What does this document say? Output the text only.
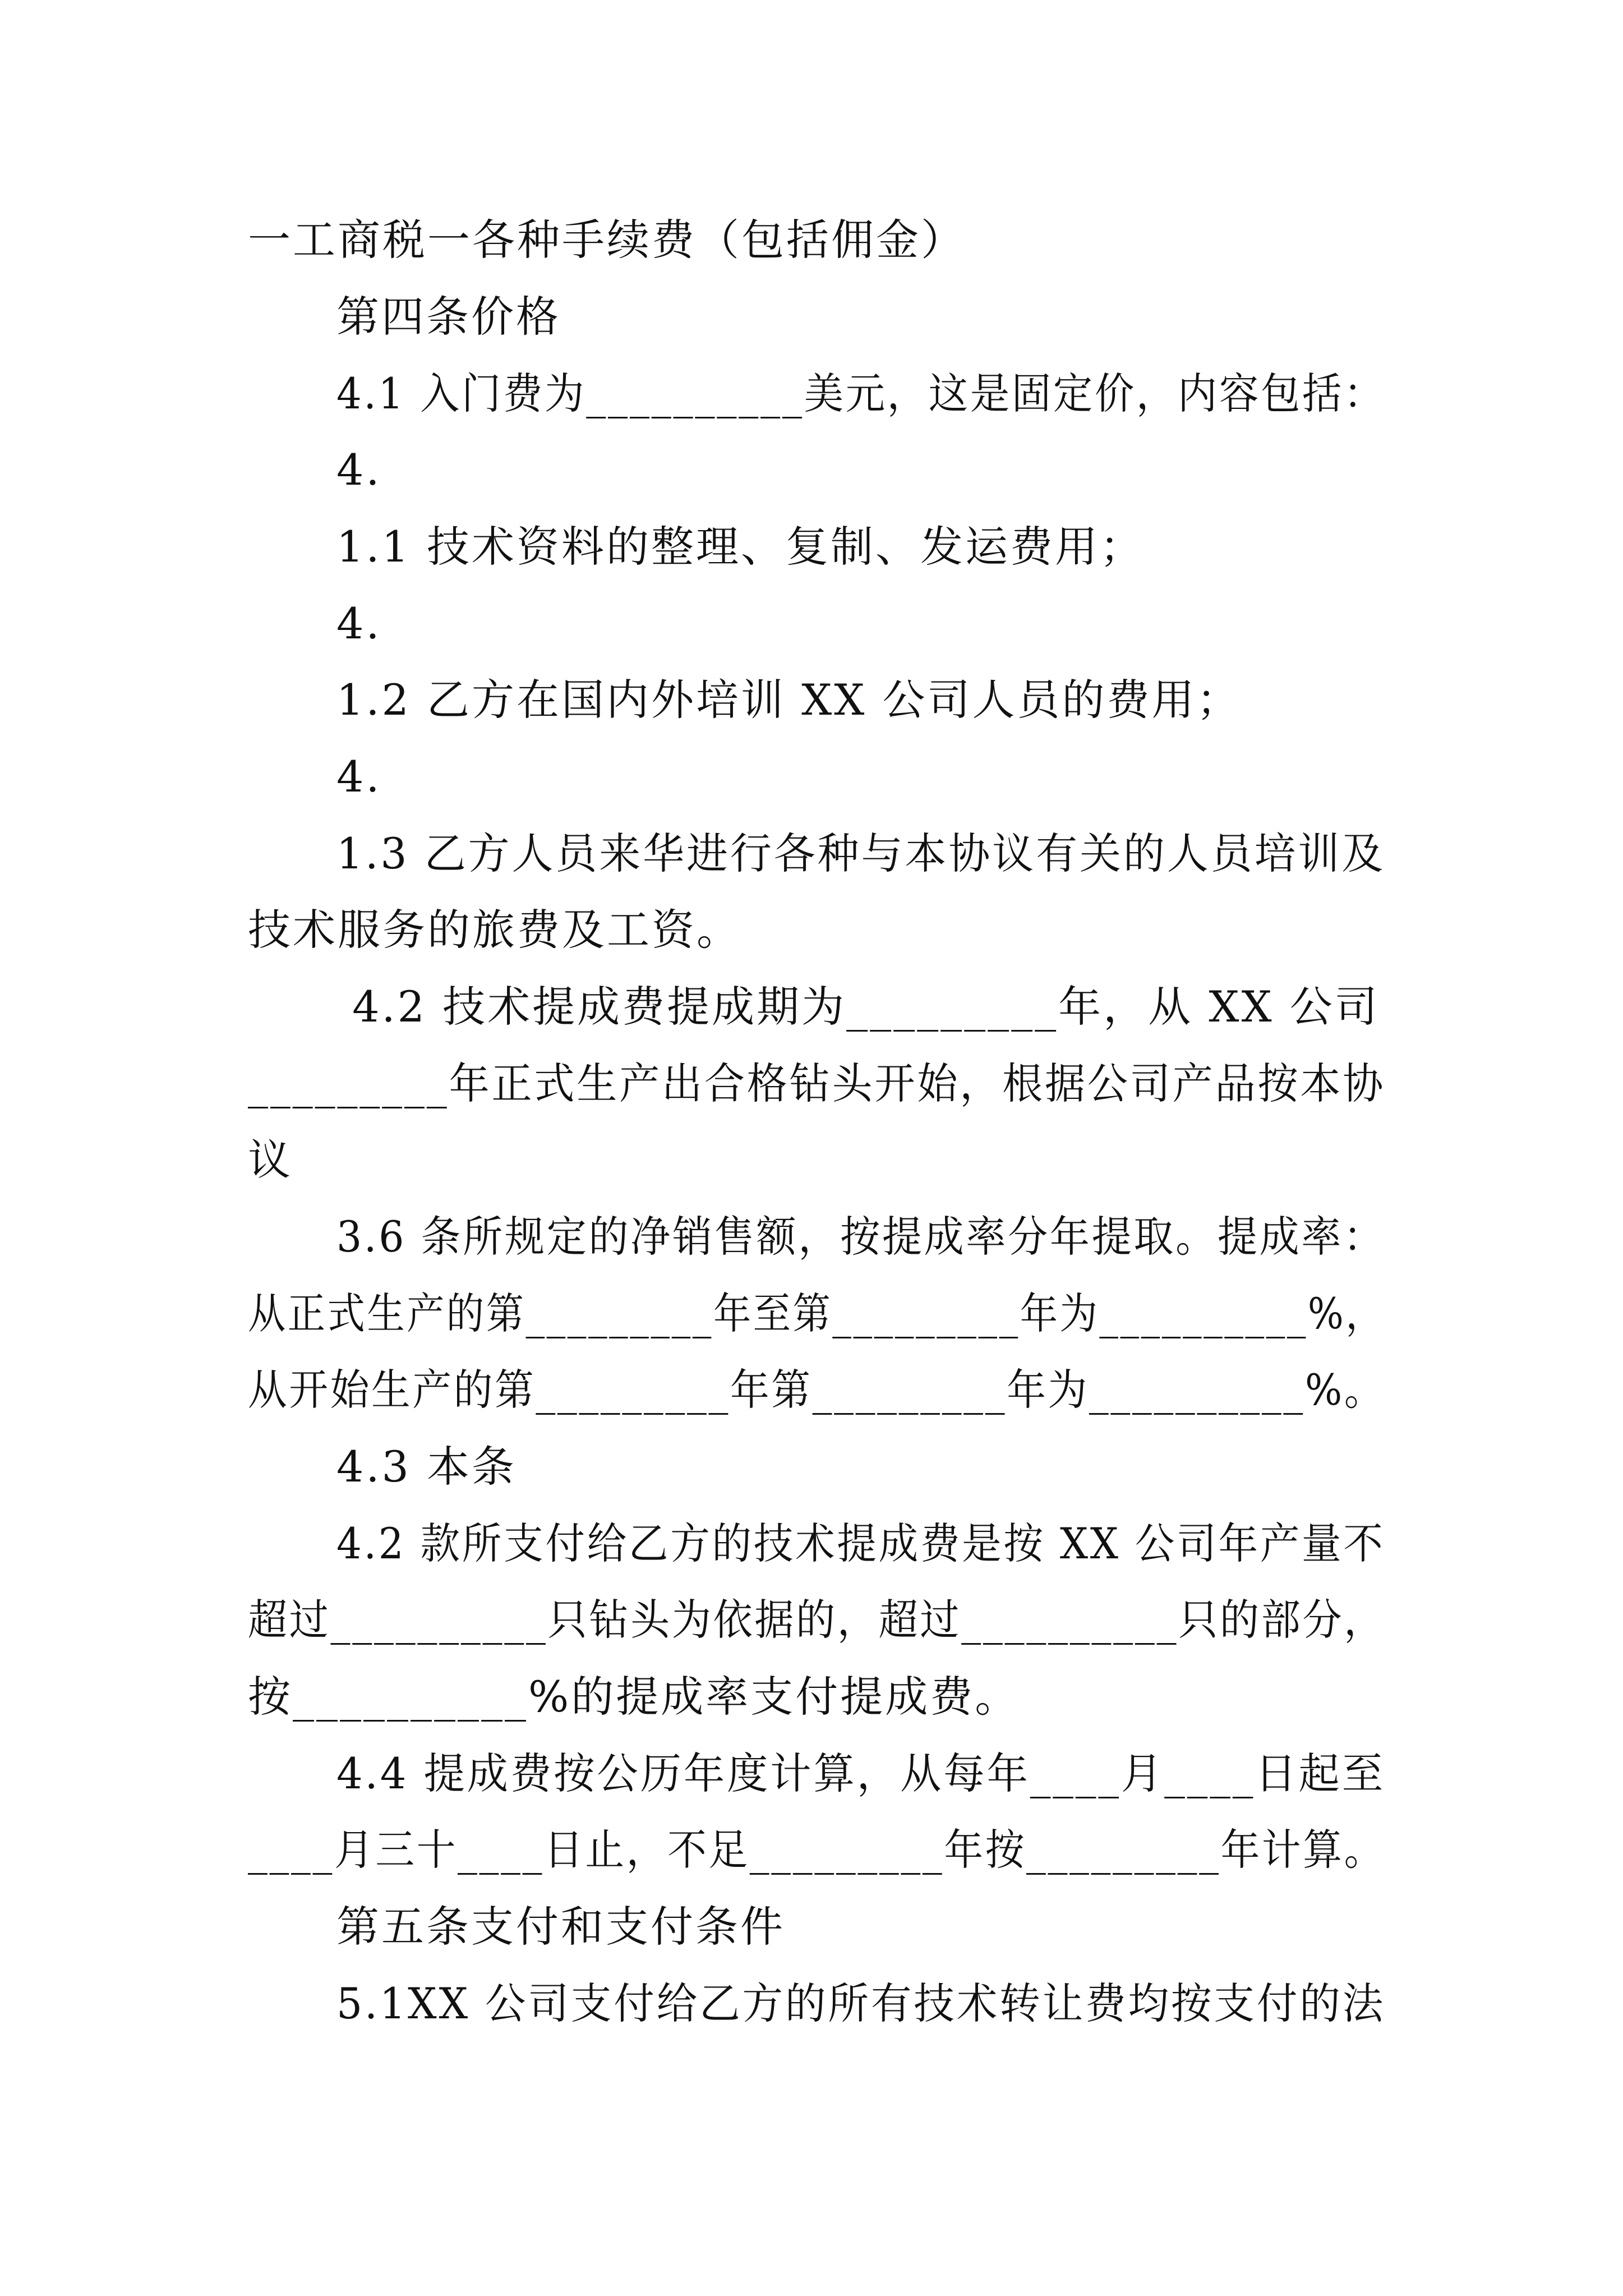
一工商税一各种手续费（包括佣金）
第四条价格
4.1 入门费为__________美元，这是固定价，内容包括：
4.
1.1 技术资料的整理、复制、发运费用；
4.
1.2 乙方在国内外培训 XX 公司人员的费用；
4.
1.3 乙方人员来华进行各种与本协议有关的人员培训及
技术服务的旅费及工资。
4.2 技术提成费提成期为_________年，从 XX 公司
_________年正式生产出合格钻头开始，根据公司产品按本协
议
3.6 条所规定的净销售额，按提成率分年提取。提成率：
从正式生产的第_________年至第_________年为__________%，
从开始生产的第_________年第_________年为__________%。
4.3 本条
4.2 款所支付给乙方的技术提成费是按 XX 公司年产量不
超过__________只钻头为依据的，超过__________只的部分，
按__________%的提成率支付提成费。
4.4 提成费按公历年度计算，从每年____月____日起至
____月三十____日止，不足_________年按_________年计算。
第五条支付和支付条件
5.1XX 公司支付给乙方的所有技术转让费均按支付的法
